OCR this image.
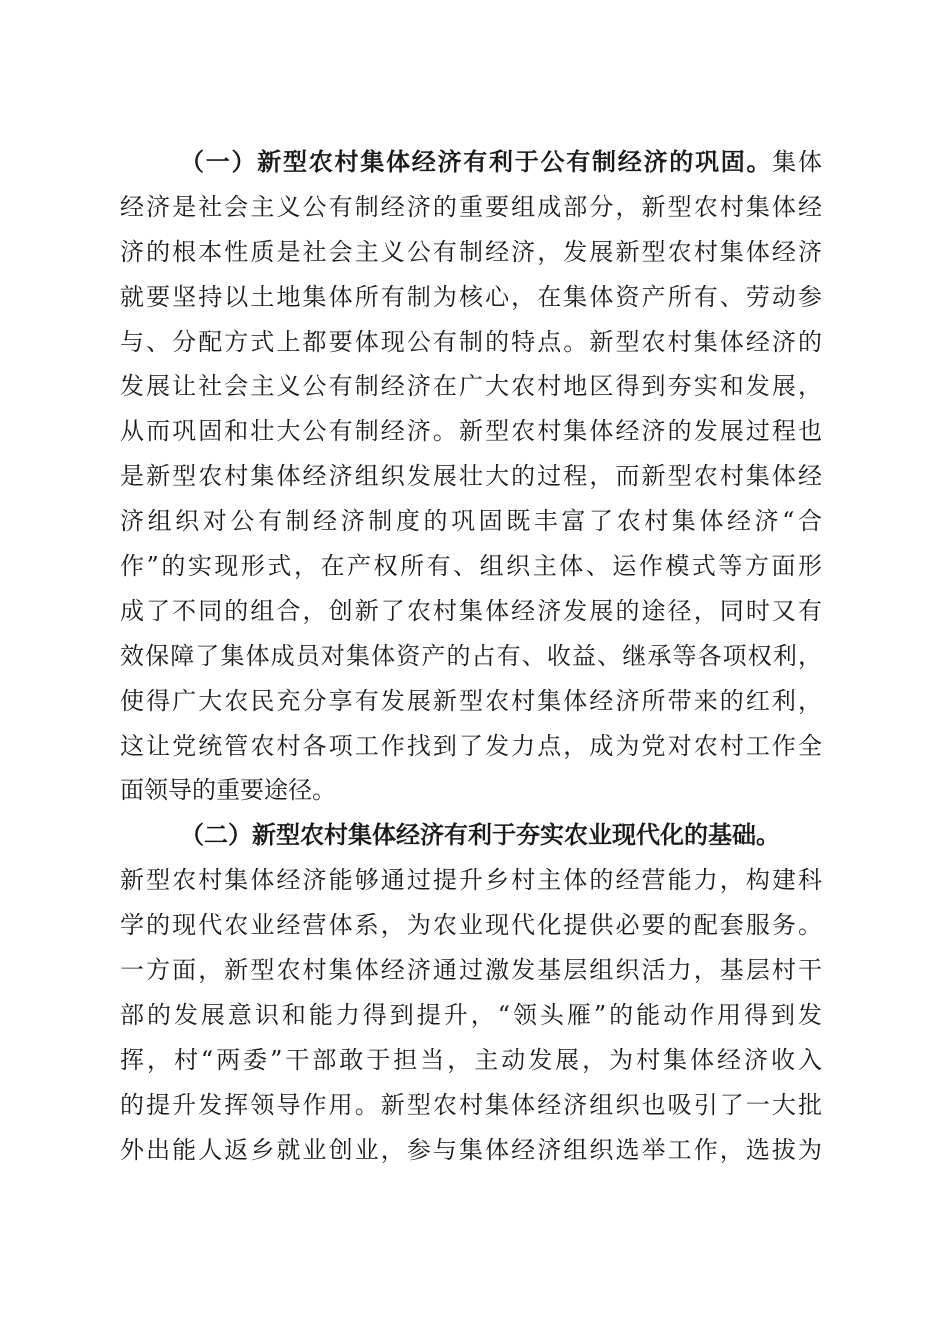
（一）新型农村集体经济有利于公有制经济的巩固。集体
经济是社会主义公有制经济的重要组成部分，新型农村集体经
济的根本性质是社会主义公有制经济，发展新型农村集体经济
就要坚持以土地集体所有制为核心，在集体资产所有、劳动参
与、分配方式上都要体现公有制的特点。新型农村集体经济的
发展让社会主义公有制经济在广大农村地区得到夯实和发展，
从而巩固和壮大公有制经济。新型农村集体经济的发展过程也
是新型农村集体经济组织发展壮大的过程，而新型农村集体经
济组织对公有制经济制度的巩固既丰富了农村集体经济“合
作”的实现形式，在产权所有、组织主体、运作模式等方面形
成了不同的组合，创新了农村集体经济发展的途径，同时又有
效保障了集体成员对集体资产的占有、收益、继承等各项权利，
使得广大农民充分享有发展新型农村集体经济所带来的红利，
这让党统管农村各项工作找到了发力点，成为党对农村工作全
面领导的重要途径。
（二）新型农村集体经济有利于夯实农业现代化的基础。
新型农村集体经济能够通过提升乡村主体的经营能力，构建科
学的现代农业经营体系，为农业现代化提供必要的配套服务。
一方面，新型农村集体经济通过激发基层组织活力，基层村干
部的发展意识和能力得到提升，“领头雁”的能动作用得到发
挥，村“两委”干部敢于担当，主动发展，为村集体经济收入
的提升发挥领导作用。新型农村集体经济组织也吸引了一大批
外出能人返乡就业创业，参与集体经济组织选举工作，选拔为
